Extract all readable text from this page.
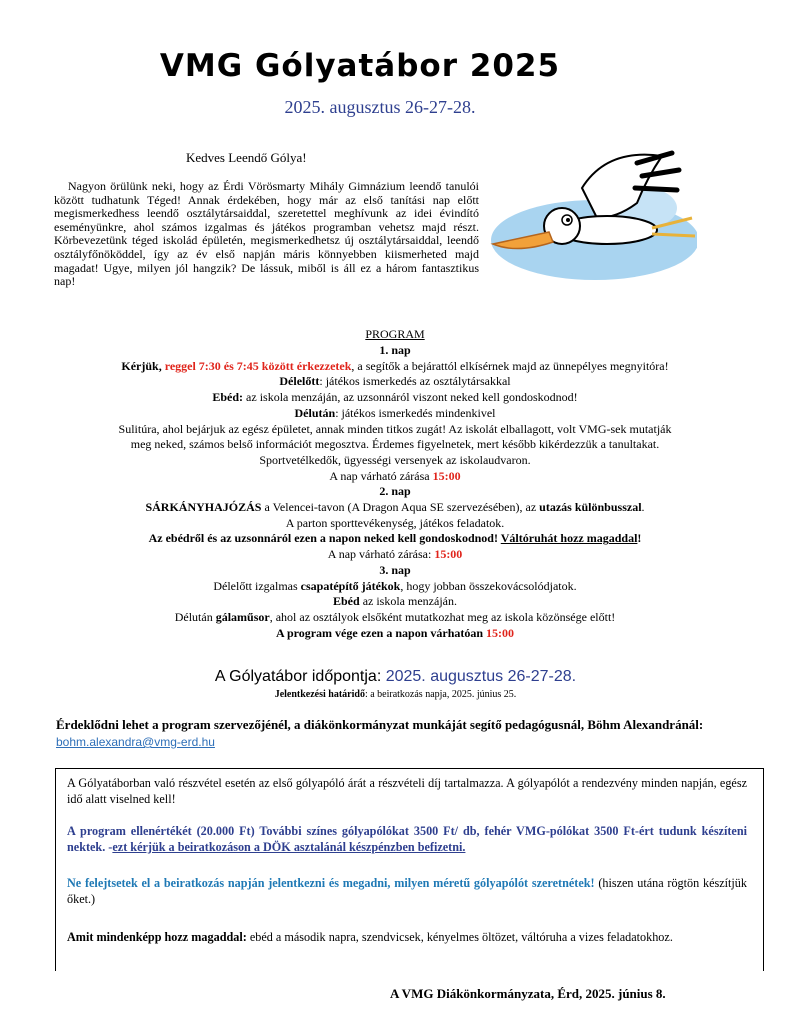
VMG Gólyatábor 2025
2025. augusztus 26-27-28.
Kedves Leendő Gólya!
Nagyon örülünk neki, hogy az Érdi Vörösmarty Mihály Gimnázium leendő tanulói között tudhatunk Téged! Annak érdekében, hogy már az első tanítási nap előtt megismerkedhess leendő osztálytársaiddal, szeretettel meghívunk az idei évindító eseményünkre, ahol számos izgalmas és játékos programban vehetsz majd részt. Körbevezetünk téged iskolád épületén, megismerkedhetsz új osztálytársaiddal, leendő osztályfőnököddel, így az év első napján máris könnyebben kiismerheted majd magadat! Ugye, milyen jól hangzik? De lássuk, miből is áll ez a három fantasztikus nap!
PROGRAM
1. nap
Kérjük, reggel 7:30 és 7:45 között érkezzetek, a segítők a bejárattól elkísérnek majd az ünnepélyes megnyitóra!
Délelőtt: játékos ismerkedés az osztálytársakkal
Ebéd: az iskola menzáján, az uzsonnáról viszont neked kell gondoskodnod!
Délután: játékos ismerkedés mindenkivel
Sulitúra, ahol bejárjuk az egész épületet, annak minden titkos zugát! Az iskolát elballagott, volt VMG-sek mutatják
meg neked, számos belső információt megosztva. Érdemes figyelnetek, mert később kikérdezzük a tanultakat.
Sportvetélkedők, ügyességi versenyek az iskolaudvaron.
A nap várható zárása 15:00
2. nap
SÁRKÁNYHAJÓZÁS a Velencei-tavon (A Dragon Aqua SE szervezésében), az utazás különbusszal.
A parton sporttevékenység, játékos feladatok.
Az ebédről és az uzsonnáról ezen a napon neked kell gondoskodnod! Váltóruhát hozz magaddal!
A nap várható zárása: 15:00
3. nap
Délelőtt izgalmas csapatépítő játékok, hogy jobban összekovácsolódjatok.
Ebéd az iskola menzáján.
Délután gálaműsor, ahol az osztályok elsőként mutatkozhat meg az iskola közönsége előtt!
A program vége ezen a napon várhatóan 15:00
A Gólyatábor időpontja: 2025. augusztus 26-27-28.
Jelentkezési határidő: a beiratkozás napja, 2025. június 25.
Érdeklődni lehet a program szervezőjénél, a diákönkormányzat munkáját segítő pedagógusnál, Böhm Alexandránál: bohm.alexandra@vmg-erd.hu
A Gólyatáborban való részvétel esetén az első gólyapóló árát a részvételi díj tartalmazza. A gólyapólót a rendezvény minden napján, egész idő alatt viselned kell!
A program ellenértékét (20.000 Ft) További színes gólyapólókat 3500 Ft/ db, fehér VMG-pólókat 3500 Ft-ért tudunk készíteni nektek. -ezt kérjük a beiratkozáson a DÖK asztalánál készpénzben befizetni.
Ne felejtsetek el a beiratkozás napján jelentkezni és megadni, milyen méretű gólyapólót szeretnétek! (hiszen utána rögtön készítjük őket.)
Amit mindenképp hozz magaddal: ebéd a második napra, szendvicsek, kényelmes öltözet, váltóruha a vizes feladatokhoz.
A VMG Diákönkormányzata, Érd, 2025. június 8.
